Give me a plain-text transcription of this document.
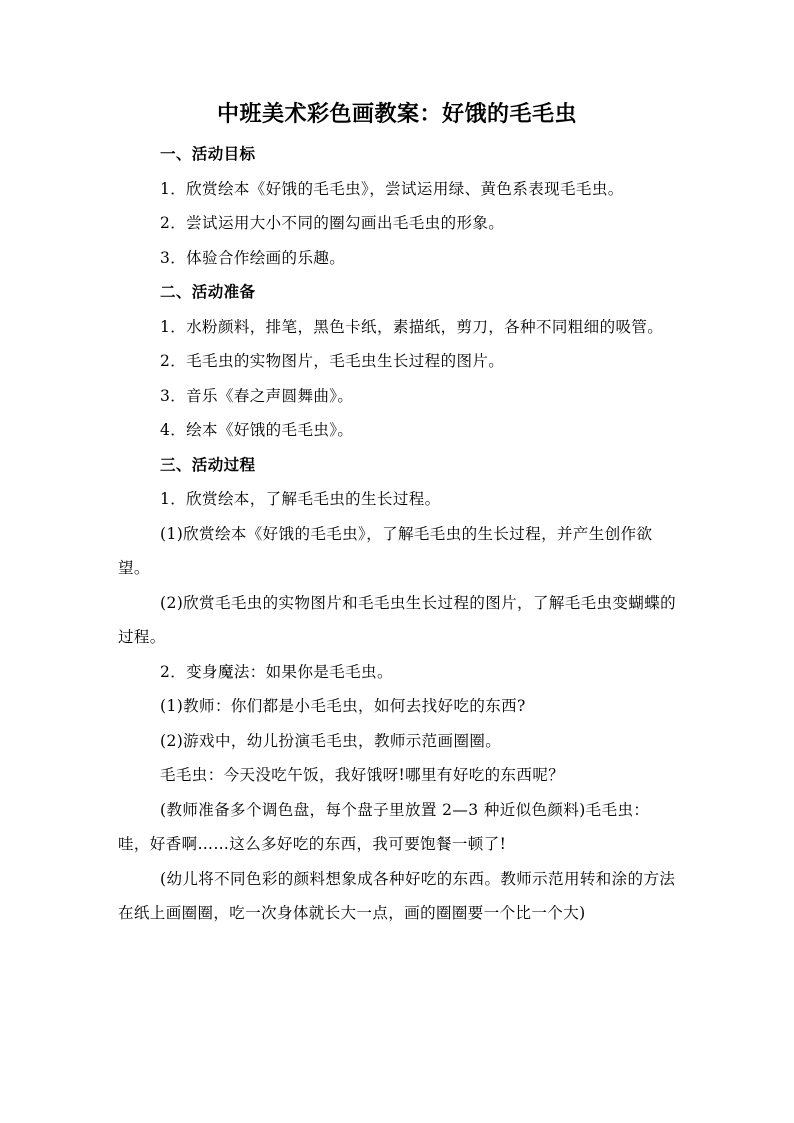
中班美术彩色画教案：好饿的毛毛虫
一、活动目标

1．欣赏绘本《好饿的毛毛虫》，尝试运用绿、黄色系表现毛毛虫。

2．尝试运用大小不同的圈勾画出毛毛虫的形象。

3．体验合作绘画的乐趣。

二、活动准备

1．水粉颜料，排笔，黑色卡纸，素描纸，剪刀，各种不同粗细的吸管。

2．毛毛虫的实物图片，毛毛虫生长过程的图片。

3．音乐《春之声圆舞曲》。

4．绘本《好饿的毛毛虫》。

三、活动过程

1．欣赏绘本，了解毛毛虫的生长过程。

(1)欣赏绘本《好饿的毛毛虫》，了解毛毛虫的生长过程，并产生创作欲望。

(2)欣赏毛毛虫的实物图片和毛毛虫生长过程的图片，了解毛毛虫变蝴蝶的过程。

2．变身魔法：如果你是毛毛虫。

(1)教师：你们都是小毛毛虫，如何去找好吃的东西?

(2)游戏中，幼儿扮演毛毛虫，教师示范画圈圈。

毛毛虫：今天没吃午饭，我好饿呀!哪里有好吃的东西呢？

(教师准备多个调色盘，每个盘子里放置 2—3 种近似色颜料)毛毛虫：哇，好香啊……这么多好吃的东西，我可要饱餐一顿了!

(幼儿将不同色彩的颜料想象成各种好吃的东西。教师示范用转和涂的方法在纸上画圈圈，吃一次身体就长大一点，画的圈圈要一个比一个大)
